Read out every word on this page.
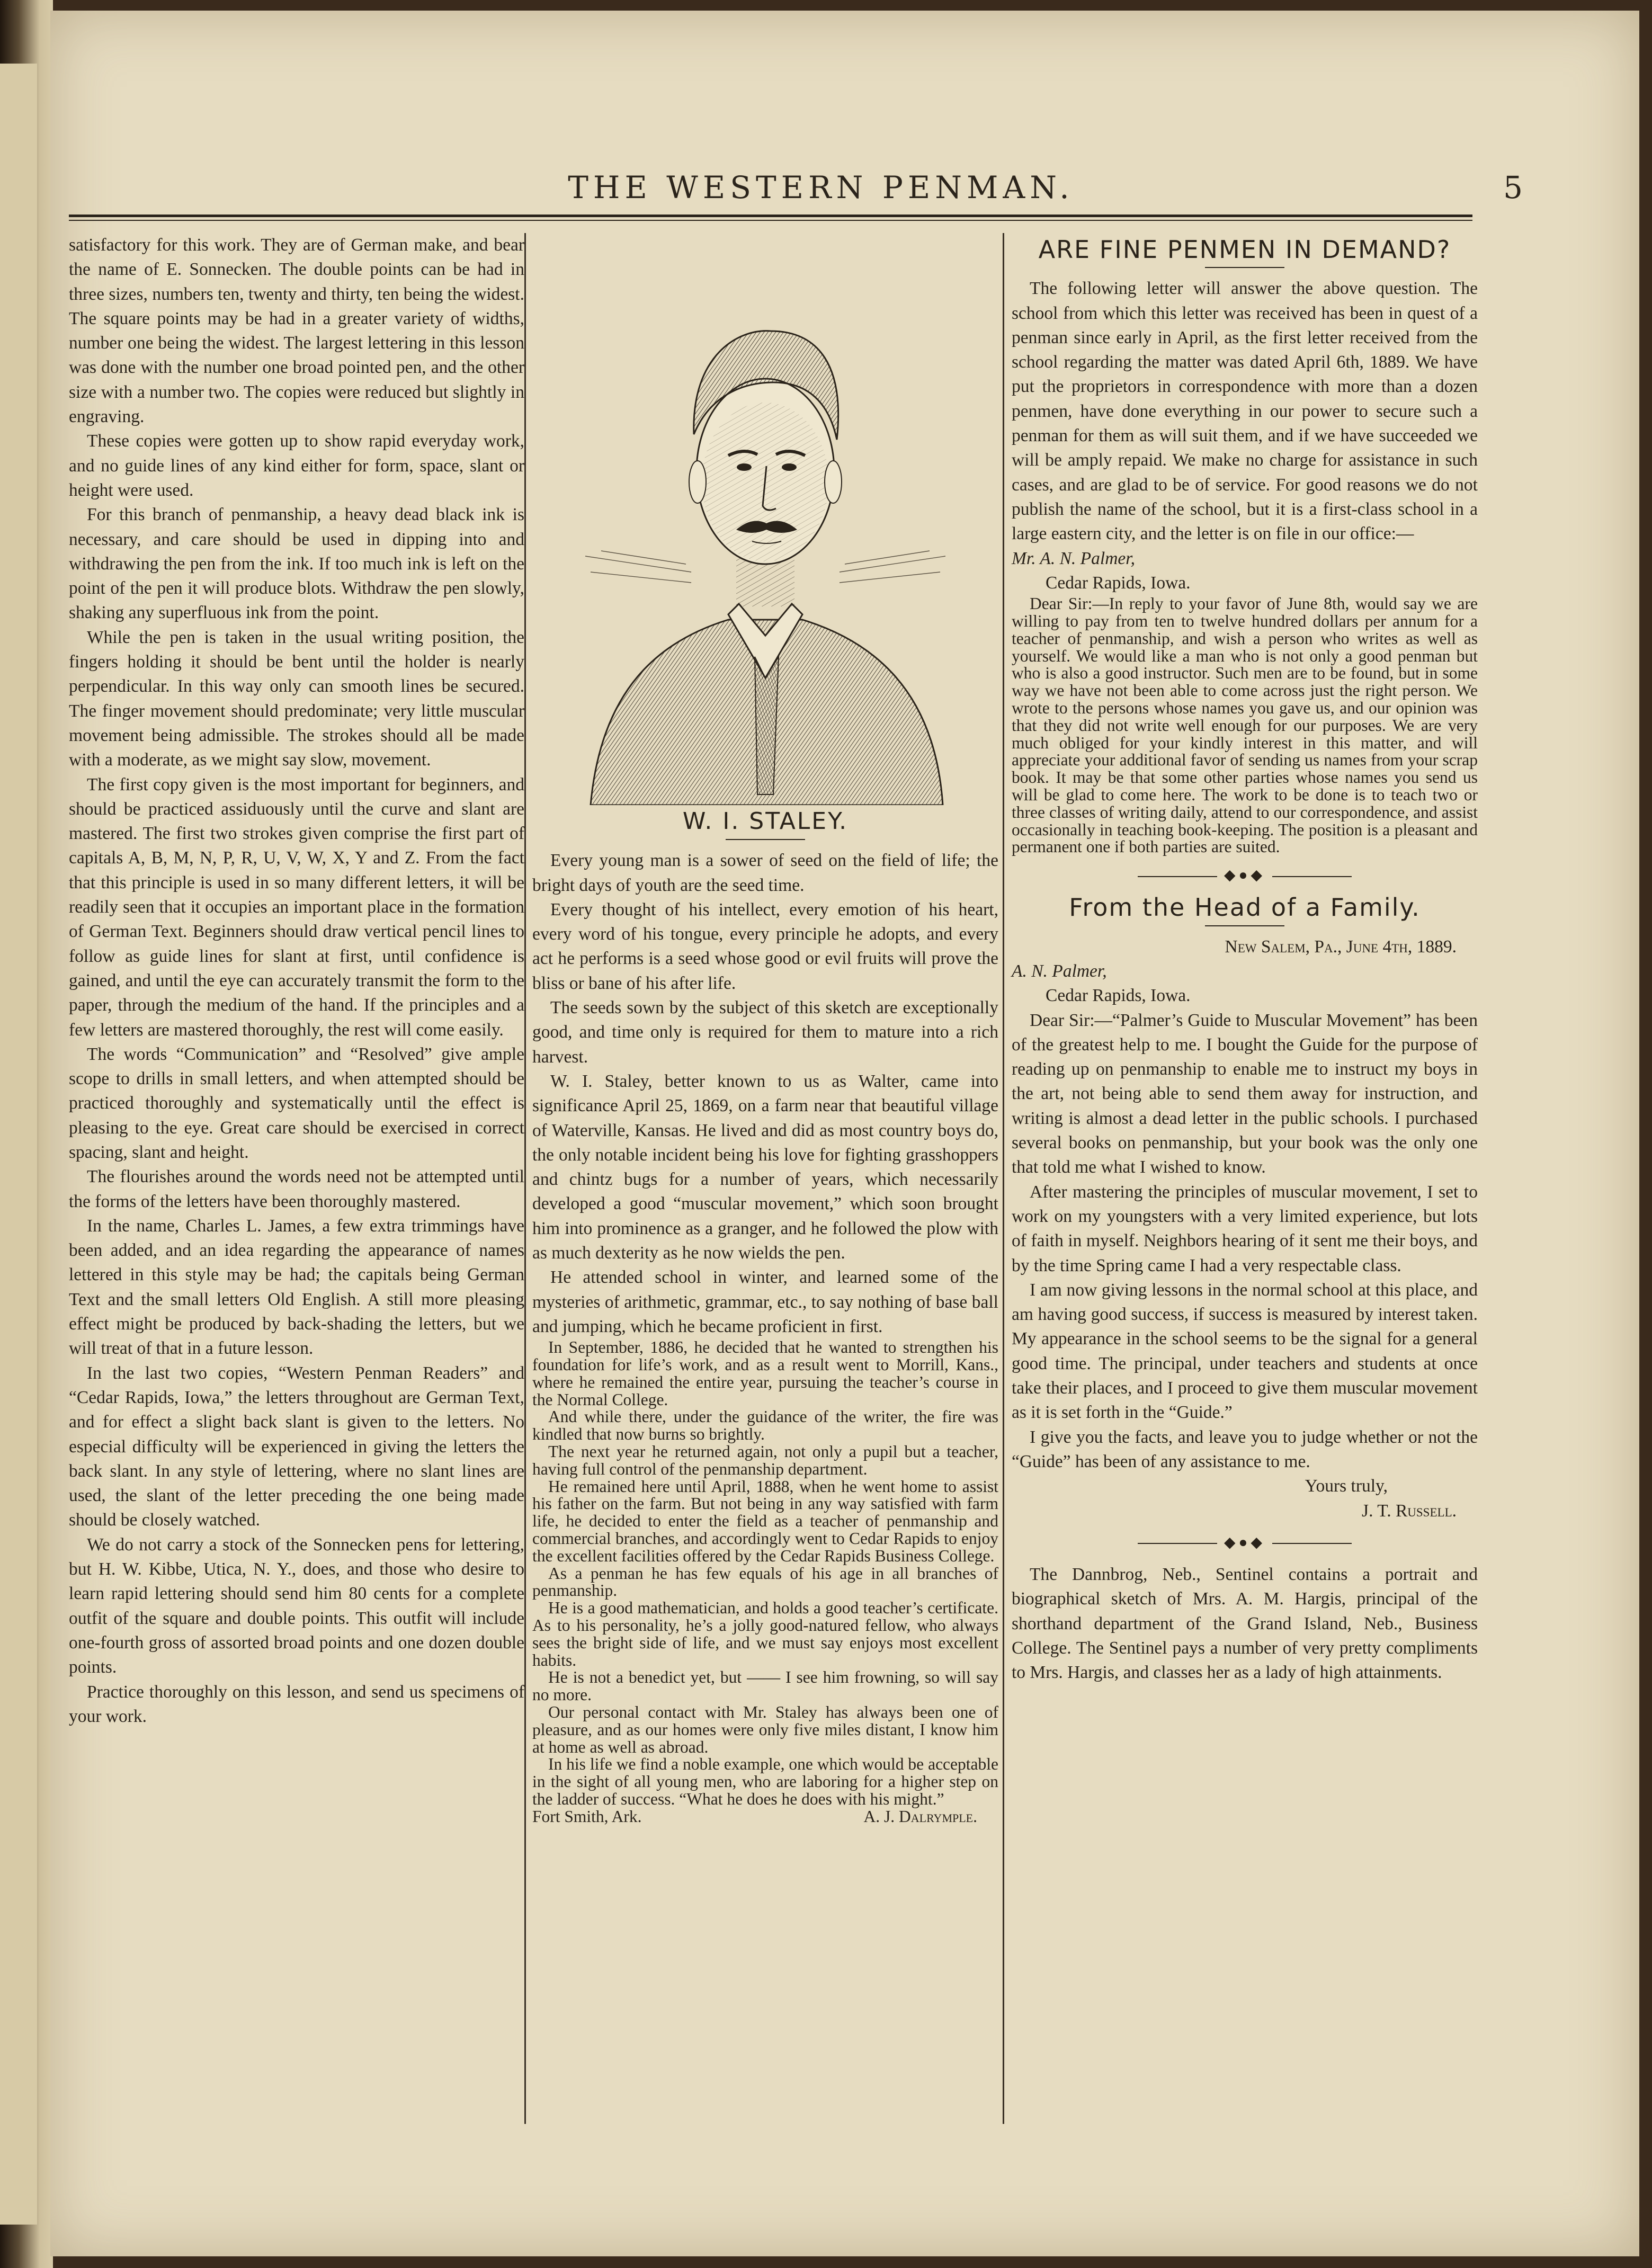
THE WESTERN PENMAN.	5

satisfactory for this work. They are of German make, and bear the name of E. Sonnecken. The double points can be had in three sizes, numbers ten, twenty and thirty, ten being the widest. The square points may be had in a greater variety of widths, number one being the widest. The largest lettering in this lesson was done with the number one broad pointed pen, and the other size with a number two. The copies were reduced but slightly in engraving.

These copies were gotten up to show rapid everyday work, and no guide lines of any kind either for form, space, slant or height were used.

For this branch of penmanship, a heavy dead black ink is necessary, and care should be used in dipping into and withdrawing the pen from the ink. If too much ink is left on the point of the pen it will produce blots. Withdraw the pen slowly, shaking any superfluous ink from the point.

While the pen is taken in the usual writing position, the fingers holding it should be bent until the holder is nearly perpendicular. In this way only can smooth lines be secured. The finger movement should predominate; very little muscular movement being admissible. The strokes should all be made with a moderate, as we might say slow, movement.

The first copy given is the most important for beginners, and should be practiced assiduously until the curve and slant are mastered. The first two strokes given comprise the first part of capitals A, B, M, N, P, R, U, V, W, X, Y and Z. From the fact that this principle is used in so many different letters, it will be readily seen that it occupies an important place in the formation of German Text. Beginners should draw vertical pencil lines to follow as guide lines for slant at first, until confidence is gained, and until the eye can accurately transmit the form to the paper, through the medium of the hand. If the principles and a few letters are mastered thoroughly, the rest will come easily.

The words “Communication” and “Resolved” give ample scope to drills in small letters, and when attempted should be practiced thoroughly and systematically until the effect is pleasing to the eye. Great care should be exercised in correct spacing, slant and height.

The flourishes around the words need not be attempted until the forms of the letters have been thoroughly mastered.

In the name, Charles L. James, a few extra trimmings have been added, and an idea regarding the appearance of names lettered in this style may be had; the capitals being German Text and the small letters Old English. A still more pleasing effect might be produced by back-shading the letters, but we will treat of that in a future lesson.

In the last two copies, “Western Penman Readers” and “Cedar Rapids, Iowa,” the letters throughout are German Text, and for effect a slight back slant is given to the letters. No especial difficulty will be experienced in giving the letters the back slant. In any style of lettering, where no slant lines are used, the slant of the letter preceding the one being made should be closely watched.

We do not carry a stock of the Sonnecken pens for lettering, but H. W. Kibbe, Utica, N. Y., does, and those who desire to learn rapid lettering should send him 80 cents for a complete outfit of the square and double points. This outfit will include one-fourth gross of assorted broad points and one dozen double points.

Practice thoroughly on this lesson, and send us specimens of your work.

W. I. STALEY.

Every young man is a sower of seed on the field of life; the bright days of youth are the seed time.

Every thought of his intellect, every emotion of his heart, every word of his tongue, every principle he adopts, and every act he performs is a seed whose good or evil fruits will prove the bliss or bane of his after life.

The seeds sown by the subject of this sketch are exceptionally good, and time only is required for them to mature into a rich harvest.

W. I. Staley, better known to us as Walter, came into significance April 25, 1869, on a farm near that beautiful village of Waterville, Kansas. He lived and did as most country boys do, the only notable incident being his love for fighting grasshoppers and chintz bugs for a number of years, which necessarily developed a good “muscular movement,” which soon brought him into prominence as a granger, and he followed the plow with as much dexterity as he now wields the pen.

He attended school in winter, and learned some of the mysteries of arithmetic, grammar, etc., to say nothing of base ball and jumping, which he became proficient in first.

In September, 1886, he decided that he wanted to strengthen his foundation for life’s work, and as a result went to Morrill, Kans., where he remained the entire year, pursuing the teacher’s course in the Normal College.

And while there, under the guidance of the writer, the fire was kindled that now burns so brightly.

The next year he returned again, not only a pupil but a teacher, having full control of the penmanship department.

He remained here until April, 1888, when he went home to assist his father on the farm. But not being in any way satisfied with farm life, he decided to enter the field as a teacher of penmanship and commercial branches, and accordingly went to Cedar Rapids to enjoy the excellent facilities offered by the Cedar Rapids Business College.

As a penman he has few equals of his age in all branches of penmanship.

He is a good mathematician, and holds a good teacher’s certificate. As to his personality, he’s a jolly good-natured fellow, who always sees the bright side of life, and we must say enjoys most excellent habits.

He is not a benedict yet, but —— I see him frowning, so will say no more.

Our personal contact with Mr. Staley has always been one of pleasure, and as our homes were only five miles distant, I know him at home as well as abroad.

In his life we find a noble example, one which would be acceptable in the sight of all young men, who are laboring for a higher step on the ladder of success. “What he does he does with his might.”

Fort Smith, Ark.	A. J. Dalrymple.
ARE FINE PENMEN IN DEMAND?

The following letter will answer the above question. The school from which this letter was received has been in quest of a penman since early in April, as the first letter received from the school regarding the matter was dated April 6th, 1889. We have put the proprietors in correspondence with more than a dozen penmen, have done everything in our power to secure such a penman for them as will suit them, and if we have succeeded we will be amply repaid. We make no charge for assistance in such cases, and are glad to be of service. For good reasons we do not publish the name of the school, but it is a first-class school in a large eastern city, and the letter is on file in our office:—

Mr. A. N. Palmer,

Cedar Rapids, Iowa.

Dear Sir:—In reply to your favor of June 8th, would say we are willing to pay from ten to twelve hundred dollars per annum for a teacher of penmanship, and wish a person who writes as well as yourself. We would like a man who is not only a good penman but who is also a good instructor. Such men are to be found, but in some way we have not been able to come across just the right person. We wrote to the persons whose names you gave us, and our opinion was that they did not write well enough for our purposes. We are very much obliged for your kindly interest in this matter, and will appreciate your additional favor of sending us names from your scrap book. It may be that some other parties whose names you send us will be glad to come here. The work to be done is to teach two or three classes of writing daily, attend to our correspondence, and assist occasionally in teaching book-keeping. The position is a pleasant and permanent one if both parties are suited.

◆●◆
From the Head of a Family.

New Salem, Pa., June 4th, 1889.

A. N. Palmer,

Cedar Rapids, Iowa.

Dear Sir:—“Palmer’s Guide to Muscular Movement” has been of the greatest help to me. I bought the Guide for the purpose of reading up on penmanship to enable me to instruct my boys in the art, not being able to send them away for instruction, and writing is almost a dead letter in the public schools. I purchased several books on penmanship, but your book was the only one that told me what I wished to know.

After mastering the principles of muscular movement, I set to work on my youngsters with a very limited experience, but lots of faith in myself. Neighbors hearing of it sent me their boys, and by the time Spring came I had a very respectable class.

I am now giving lessons in the normal school at this place, and am having good success, if success is measured by interest taken. My appearance in the school seems to be the signal for a general good time. The principal, under teachers and students at once take their places, and I proceed to give them muscular movement as it is set forth in the “Guide.”

I give you the facts, and leave you to judge whether or not the “Guide” has been of any assistance to me.

Yours truly,

J. T. Russell.

◆●◆

The Dannbrog, Neb., Sentinel contains a portrait and biographical sketch of Mrs. A. M. Hargis, principal of the shorthand department of the Grand Island, Neb., Business College. The Sentinel pays a number of very pretty compliments to Mrs. Hargis, and classes her as a lady of high attainments.
